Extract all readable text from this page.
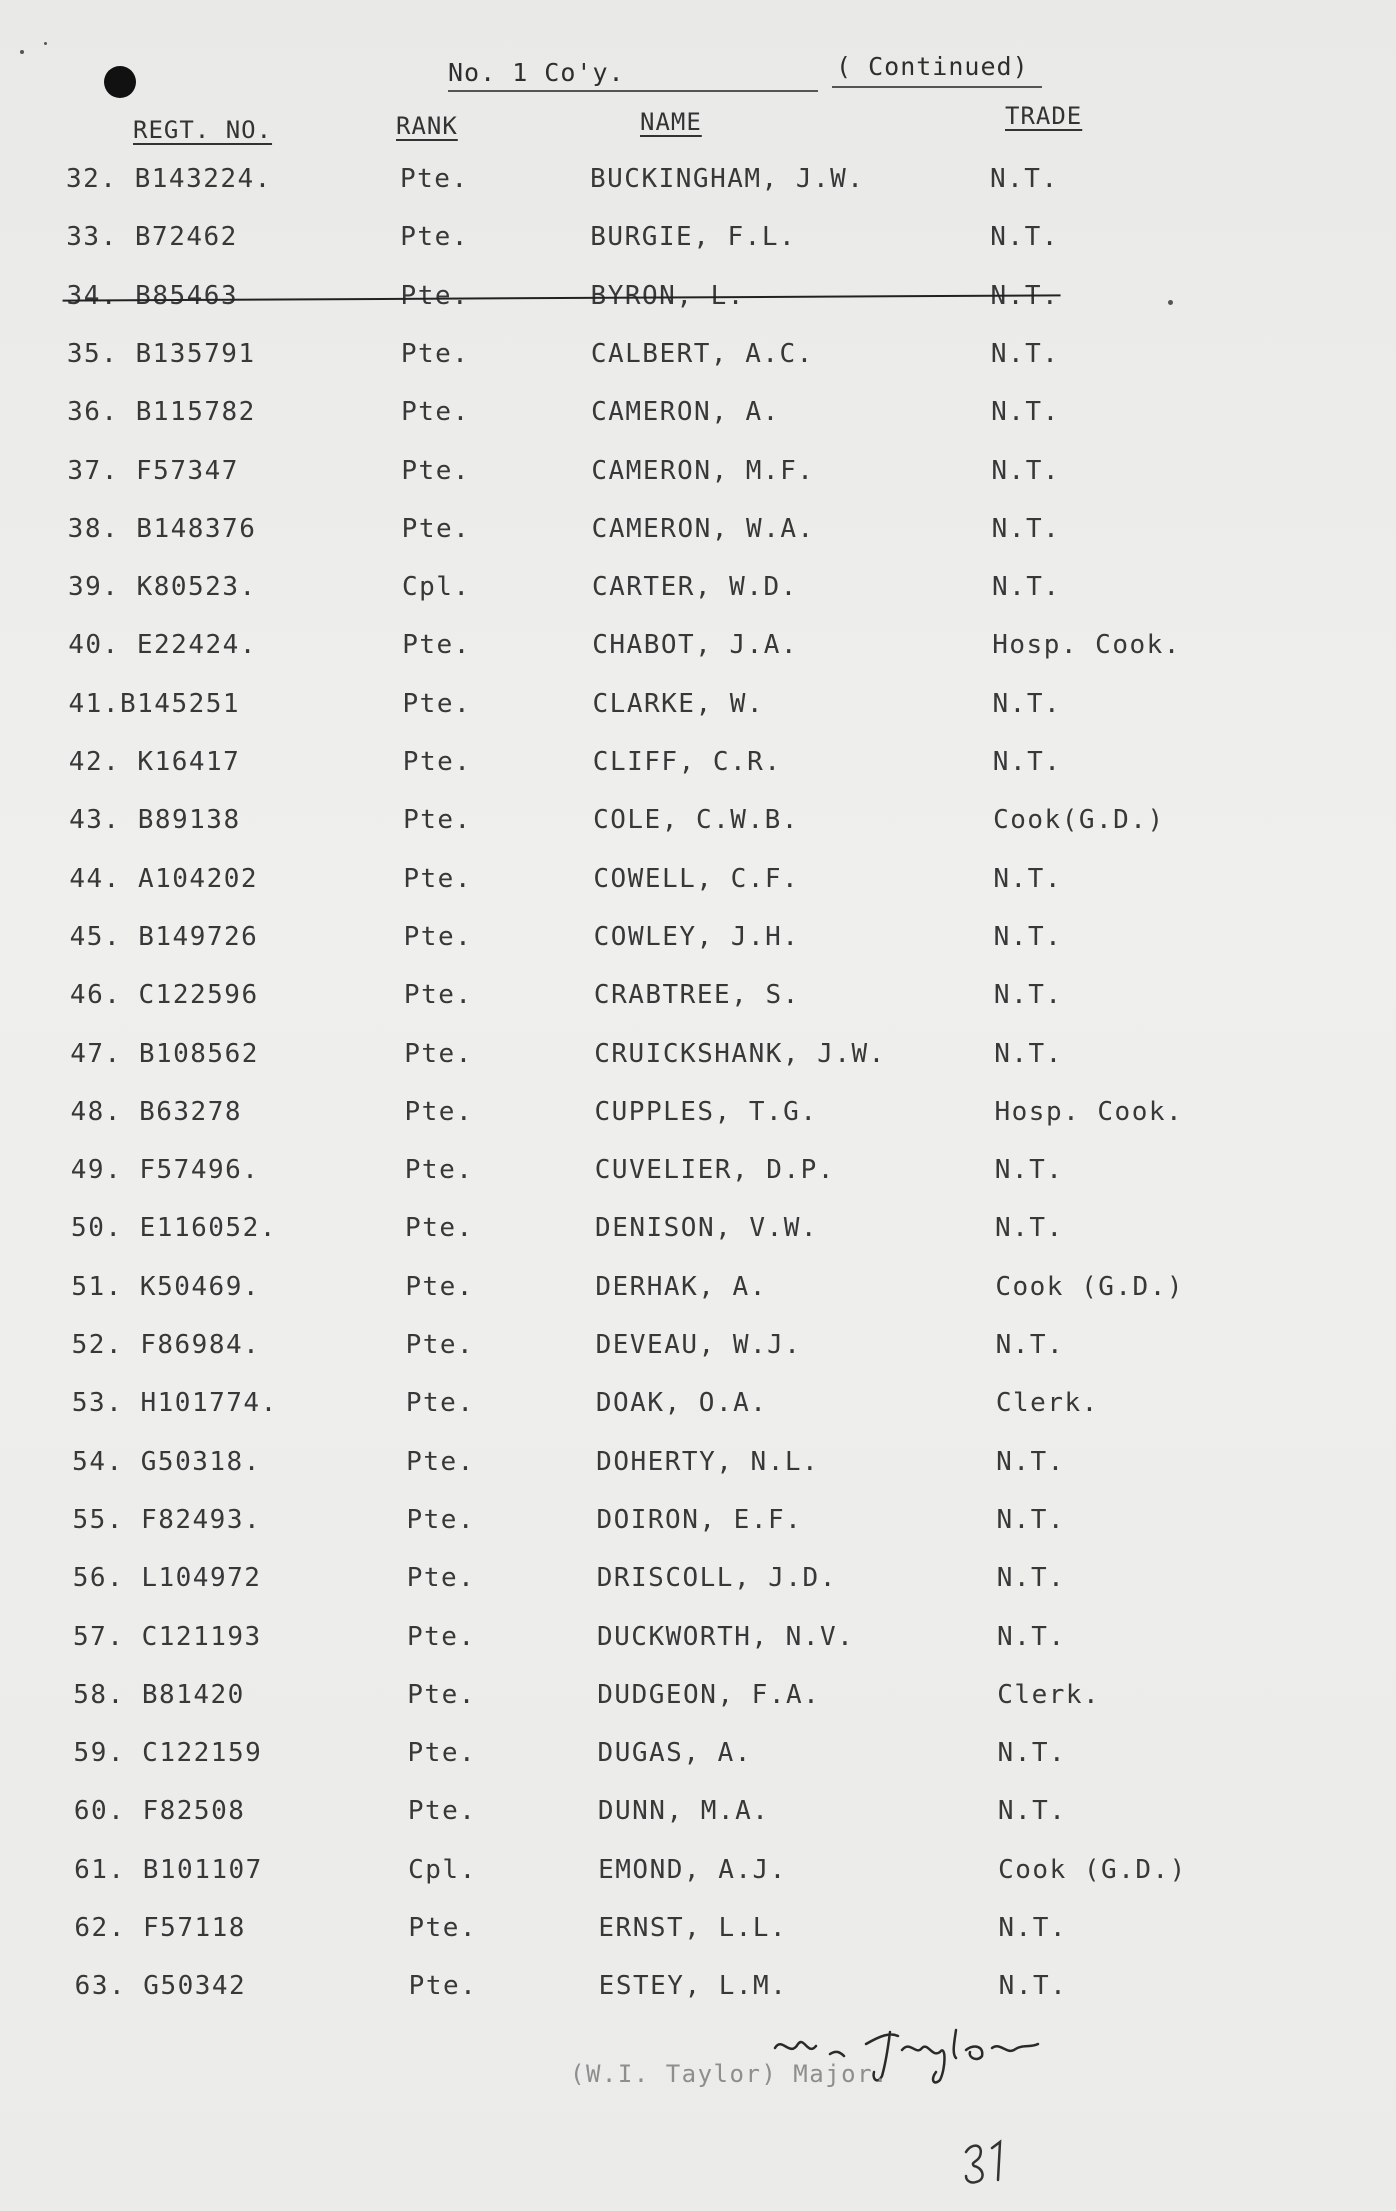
No. 1 Co'y.	( Continued)
REGT. NO.	RANK	NAME	TRADE
32. B143224.	Pte.	BUCKINGHAM, J.W.	N.T.
33. B72462	Pte.	BURGIE, F.L.	N.T.
34. B85463	Pte.	BYRON, L.	N.T.
35. B135791	Pte.	CALBERT, A.C.	N.T.
36. B115782	Pte.	CAMERON, A.	N.T.
37. F57347	Pte.	CAMERON, M.F.	N.T.
38. B148376	Pte.	CAMERON, W.A.	N.T.
39. K80523.	Cpl.	CARTER, W.D.	N.T.
40. E22424.	Pte.	CHABOT, J.A.	Hosp. Cook.
41.B145251	Pte.	CLARKE, W.	N.T.
42. K16417	Pte.	CLIFF, C.R.	N.T.
43. B89138	Pte.	COLE, C.W.B.	Cook(G.D.)
44. A104202	Pte.	COWELL, C.F.	N.T.
45. B149726	Pte.	COWLEY, J.H.	N.T.
46. C122596	Pte.	CRABTREE, S.	N.T.
47. B108562	Pte.	CRUICKSHANK, J.W.	N.T.
48. B63278	Pte.	CUPPLES, T.G.	Hosp. Cook.
49. F57496.	Pte.	CUVELIER, D.P.	N.T.
50. E116052.	Pte.	DENISON, V.W.	N.T.
51. K50469.	Pte.	DERHAK, A.	Cook (G.D.)
52. F86984.	Pte.	DEVEAU, W.J.	N.T.
53. H101774.	Pte.	DOAK, O.A.	Clerk.
54. G50318.	Pte.	DOHERTY, N.L.	N.T.
55. F82493.	Pte.	DOIRON, E.F.	N.T.
56. L104972	Pte.	DRISCOLL, J.D.	N.T.
57. C121193	Pte.	DUCKWORTH, N.V.	N.T.
58. B81420	Pte.	DUDGEON, F.A.	Clerk.
59. C122159	Pte.	DUGAS, A.	N.T.
60. F82508	Pte.	DUNN, M.A.	N.T.
61. B101107	Cpl.	EMOND, A.J.	Cook (G.D.)
62. F57118	Pte.	ERNST, L.L.	N.T.
63. G50342	Pte.	ESTEY, L.M.	N.T.
(W.I. Taylor) Major.
